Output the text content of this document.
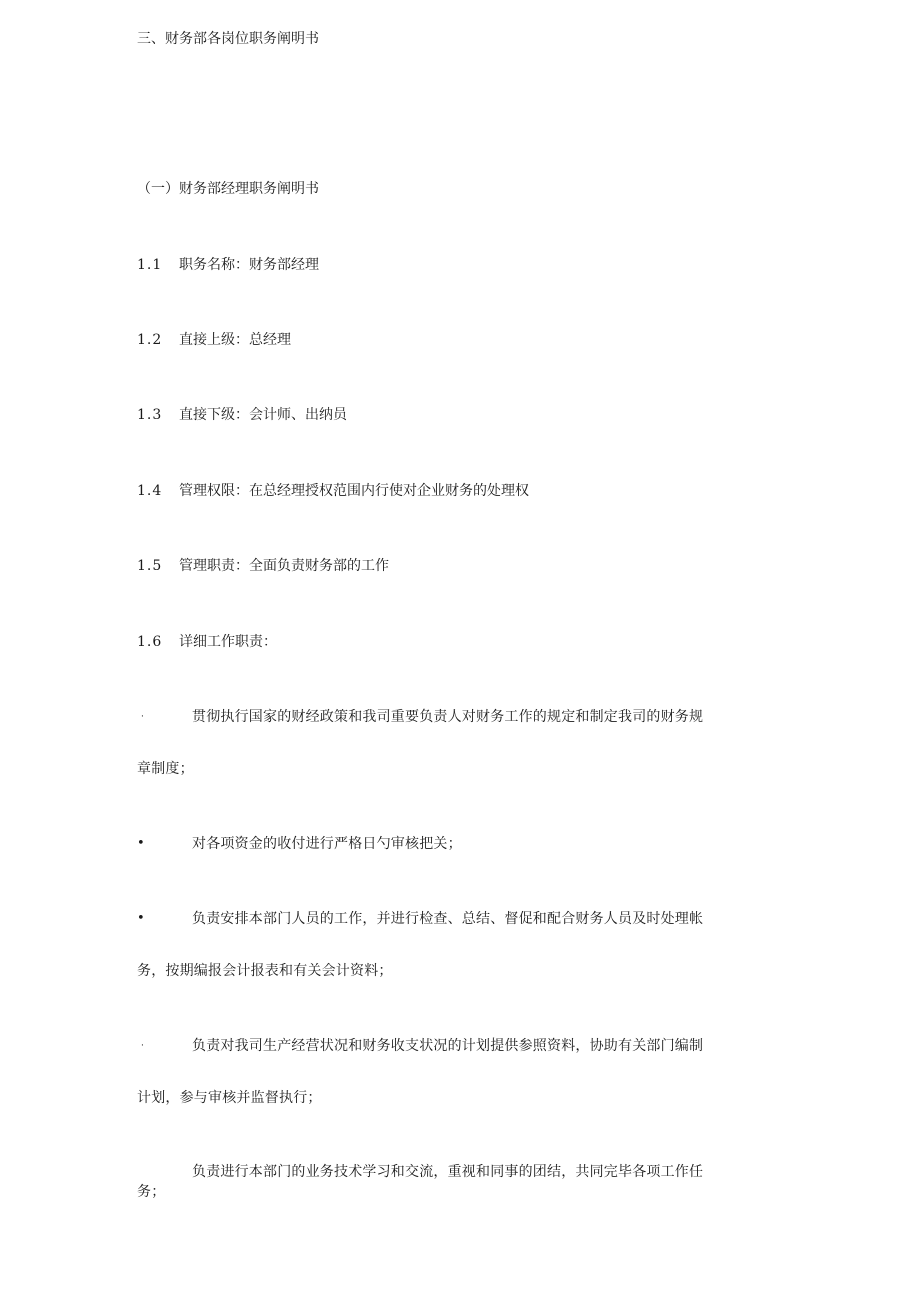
三、财务部各岗位职务阐明书
（一）财务部经理职务阐明书
1.1 职务名称：财务部经理
1.2 直接上级：总经理
1.3 直接下级：会计师、出纳员
1.4 管理权限：在总经理授权范围内行使对企业财务的处理权
1.5 管理职责：全面负责财务部的工作
1.6 详细工作职责：
·	贯彻执行国家的财经政策和我司重要负责人对财务工作的规定和制定我司的财务规
章制度；
•	对各项资金的收付进行严格日勺审核把关；
•	负责安排本部门人员的工作，并进行检查、总结、督促和配合财务人员及时处理帐
务，按期编报会计报表和有关会计资料；
·	负责对我司生产经营状况和财务收支状况的计划提供参照资料，协助有关部门编制
计划，参与审核并监督执行；
负责进行本部门的业务技术学习和交流，重视和同事的团结，共同完毕各项工作任
务；
